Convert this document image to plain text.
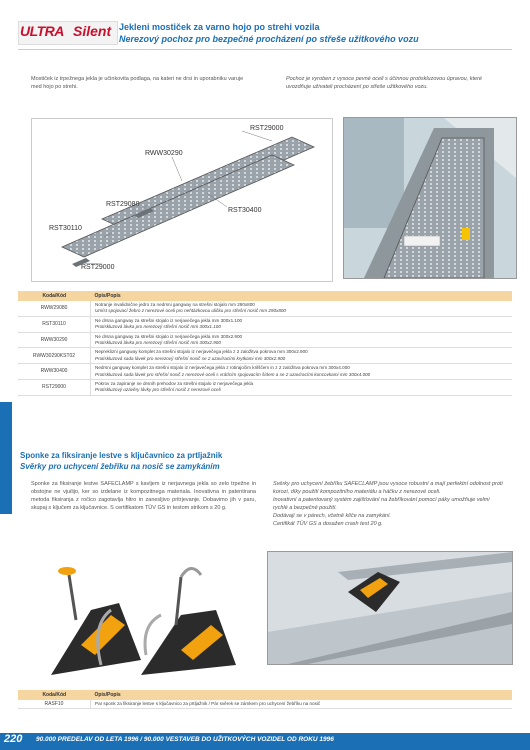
ULTRA Silent Jekleni mostiček za varno hojo po strehi vozila
Nerezový pochoz pro bezpečné procházení po střeše užitkového vozu
Mostiček iz trpežnega jekla je učinkovita podlaga, na kateri ne drsi in uporabniku varuje med hojo po strehi.
Pochoz je vyroben z vysoce pevné oceli s účinnou protiskluzovou úpravou, které uvozdňuje uživateli procházení po střeše užitkového vozu.
RST29000
RWW30290
RST29080
RST30400
RST30110
RST29000
Koda/Kód	Opis/Popis
RWW29080	Notranje invalidnične jedro za nedrsni gangway na strešni stojalo mm 290x800
Umíst spojovací žebro z nerezové oceli pro nehtázkovou uličku pro střešní nosič mm 290x800

RST30110	Ne drsna gangway za strešni stojalo iz nerjavečega jekla mm 300x1.100
Protiskluzová lávka pro nerezový střešní nosič mm 300x1.100

RWW30290	Ne drsna gangway za strešni stojalo iz nerjavečega jekla mm 300x2.900
Protiskluzová lávka pro nerezový střešní nosič mm 300x2.900

RWW30290KST02	Nepreklizni gangway komplet za strešni stojalo iz nerjavečega jekla z 2 založitva pokrova mm 300x2.900
Protiskluzová sada lávek pro nerezový střešní nosič se 2 uzavíracími krytkami mm 300x2.900

RWW30400	Nedrsni gangway komplet za strešni stojalo iz nerjavečega jekla z rotirajočim krilščem in z 2 založitva pokrova mm 300x4.000
Protiskluzová sada lávek pro střešní nosič z nerezové oceli s vrátícím spojovacím šídem a se 2 uzavíracími koncovkami mm 300x4.000

RST29000	Pokrov za zapiranje ne drsnih prehodov za strešni stojalo iz nerjavečega jekla
Protiskluzový uzávěry lávky pro střešní nosič z nerezové oceli
Sponke za fiksiranje lestve s ključavnico za prtljažnik
Svěrky pro uchycení žebříku na nosič se zamykáním
Sponke za fiksiranje lestve SAFECLAMP s kavljem iz nerjavnega jekla so zelo trpežne in obstojne ne vjuilijo, ker so izdelane iz kompozitnega materiala. Inovativna in patentirana metoda fiksiranja z ročico zagotavlja hitro in zanesljivo pritrjevanje. Dobavimo jih v paru, skupaj s ključem za ključavnice. S certifikatom TÜV GS in testom strikom s 20 g.
Svěrky pro uchycení žebříku SAFECLAMP jsou vysoce robustní a mají perfektní odolnost proti korozi, díky použití kompozitního materiálu a háčku z nerezové oceli.
Inovativní a patentovaný systém zajišťování na žebříkování pomocí páky umožňuje velmi rychlé a bezpečné použití.
Dodávají se v párech, včetně klíče na zamykání.
Certifikát TÜV GS a dosažen crash test 20 g.
Koda/Kód	Opis/Popis
RASF10	Par sponk za fiksiranje lestve s ključavnico za prtljažnik / Pár svěrek se zámkem pro uchycení žebříku na nosič
220 90.000 PREDELAV OD LETA 1996 / 90.000 VESTAVEB DO UŽITKOVÝCH VOZIDEL OD ROKU 1996
